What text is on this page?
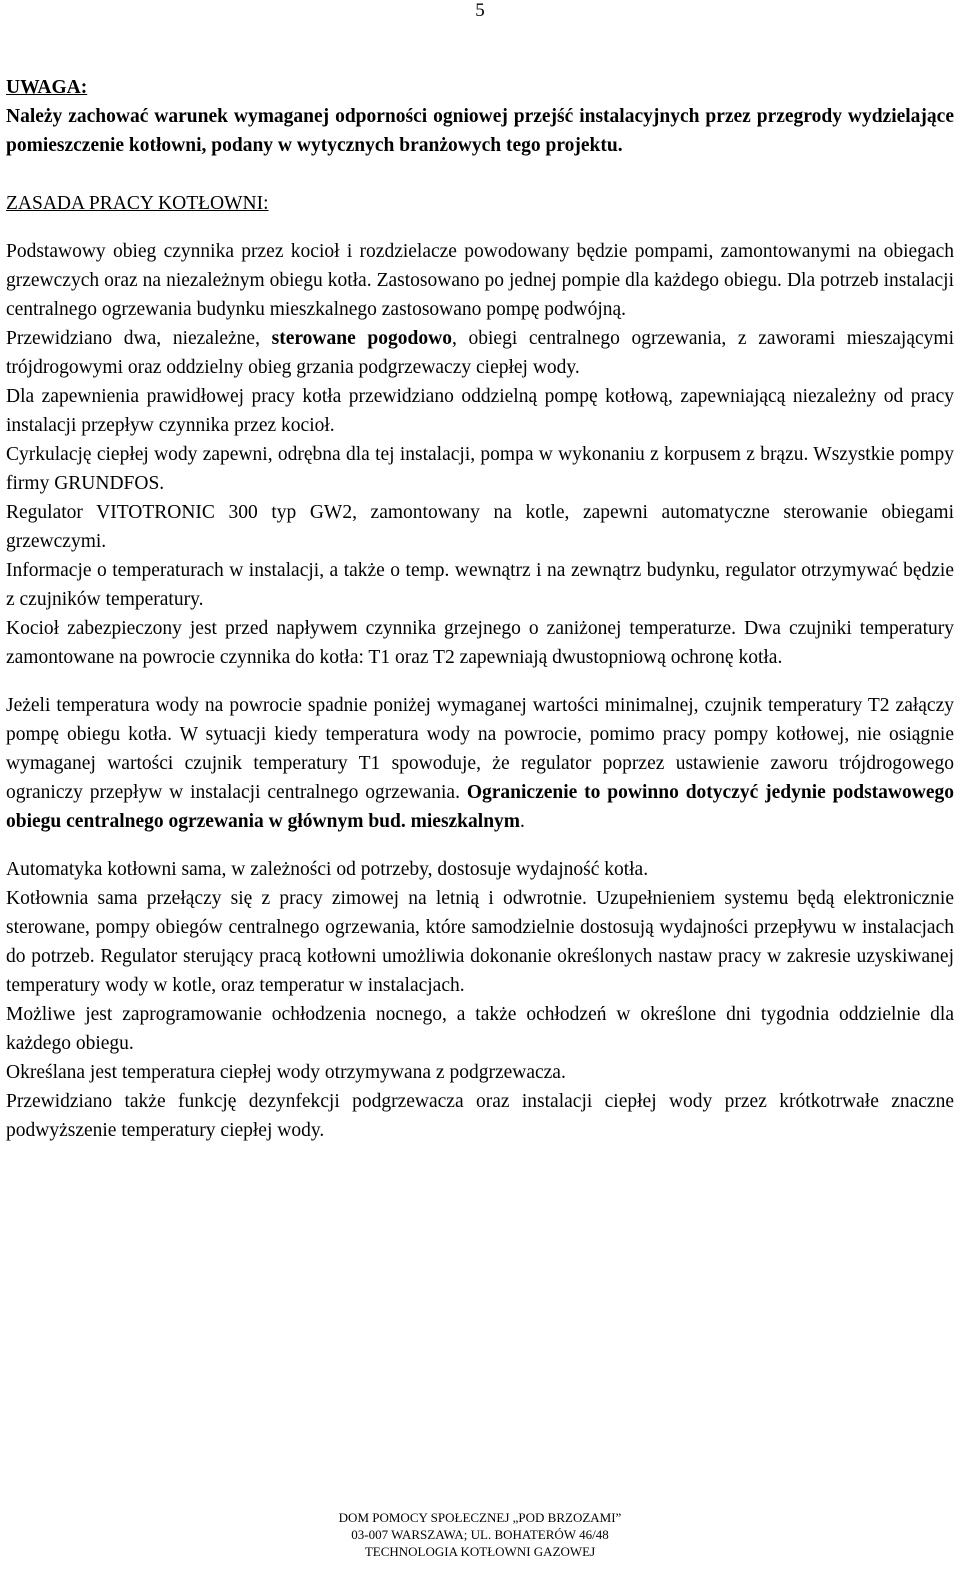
5

UWAGA:

Należy zachować warunek wymaganej odporności ogniowej przejść instalacyjnych przez przegrody wydzielające pomieszczenie kotłowni, podany w wytycznych branżowych tego projektu.

ZASADA PRACY KOTŁOWNI:

Podstawowy obieg czynnika przez kocioł i rozdzielacze powodowany będzie pompami, zamontowanymi na obiegach grzewczych oraz na niezależnym obiegu kotła. Zastosowano po jednej pompie dla każdego obiegu. Dla potrzeb instalacji centralnego ogrzewania budynku mieszkalnego zastosowano pompę podwójną.

Przewidziano dwa, niezależne, sterowane pogodowo, obiegi centralnego ogrzewania, z zaworami mieszającymi trójdrogowymi oraz oddzielny obieg grzania podgrzewaczy ciepłej wody.

Dla zapewnienia prawidłowej pracy kotła przewidziano oddzielną pompę kotłową, zapewniającą niezależny od pracy instalacji przepływ czynnika przez kocioł.

Cyrkulację ciepłej wody zapewni, odrębna dla tej instalacji, pompa w wykonaniu z korpusem z brązu. Wszystkie pompy firmy GRUNDFOS.

Regulator VITOTRONIC 300 typ GW2, zamontowany na kotle, zapewni automatyczne sterowanie obiegami grzewczymi.

Informacje o temperaturach w instalacji, a także o temp. wewnątrz i na zewnątrz budynku, regulator otrzymywać będzie z czujników temperatury.

Kocioł zabezpieczony jest przed napływem czynnika grzejnego o zaniżonej temperaturze. Dwa czujniki temperatury zamontowane na powrocie czynnika do kotła: T1 oraz T2 zapewniają dwustopniową ochronę kotła.

Jeżeli temperatura wody na powrocie spadnie poniżej wymaganej wartości minimalnej, czujnik temperatury T2 załączy pompę obiegu kotła. W sytuacji kiedy temperatura wody na powrocie, pomimo pracy pompy kotłowej, nie osiągnie wymaganej wartości czujnik temperatury T1 spowoduje, że regulator poprzez ustawienie zaworu trójdrogowego ograniczy przepływ w instalacji centralnego ogrzewania. Ograniczenie to powinno dotyczyć jedynie podstawowego obiegu centralnego ogrzewania w głównym bud. mieszkalnym.

Automatyka kotłowni sama, w zależności od potrzeby, dostosuje wydajność kotła.

Kotłownia sama przełączy się z pracy zimowej na letnią i odwrotnie. Uzupełnieniem systemu będą elektronicznie sterowane, pompy obiegów centralnego ogrzewania, które samodzielnie dostosują wydajności przepływu w instalacjach do potrzeb. Regulator sterujący pracą kotłowni umożliwia dokonanie określonych nastaw pracy w zakresie uzyskiwanej temperatury wody w kotle, oraz temperatur w instalacjach.

Możliwe jest zaprogramowanie ochłodzenia nocnego, a także ochłodzeń w określone dni tygodnia oddzielnie dla każdego obiegu.

Określana jest temperatura ciepłej wody otrzymywana z podgrzewacza.

Przewidziano także funkcję dezynfekcji podgrzewacza oraz instalacji ciepłej wody przez krótkotrwałe znaczne podwyższenie temperatury ciepłej wody.

DOM POMOCY SPOŁECZNEJ „POD BRZOZAMI”
03-007 WARSZAWA; UL. BOHATERÓW 46/48
TECHNOLOGIA KOTŁOWNI GAZOWEJ
